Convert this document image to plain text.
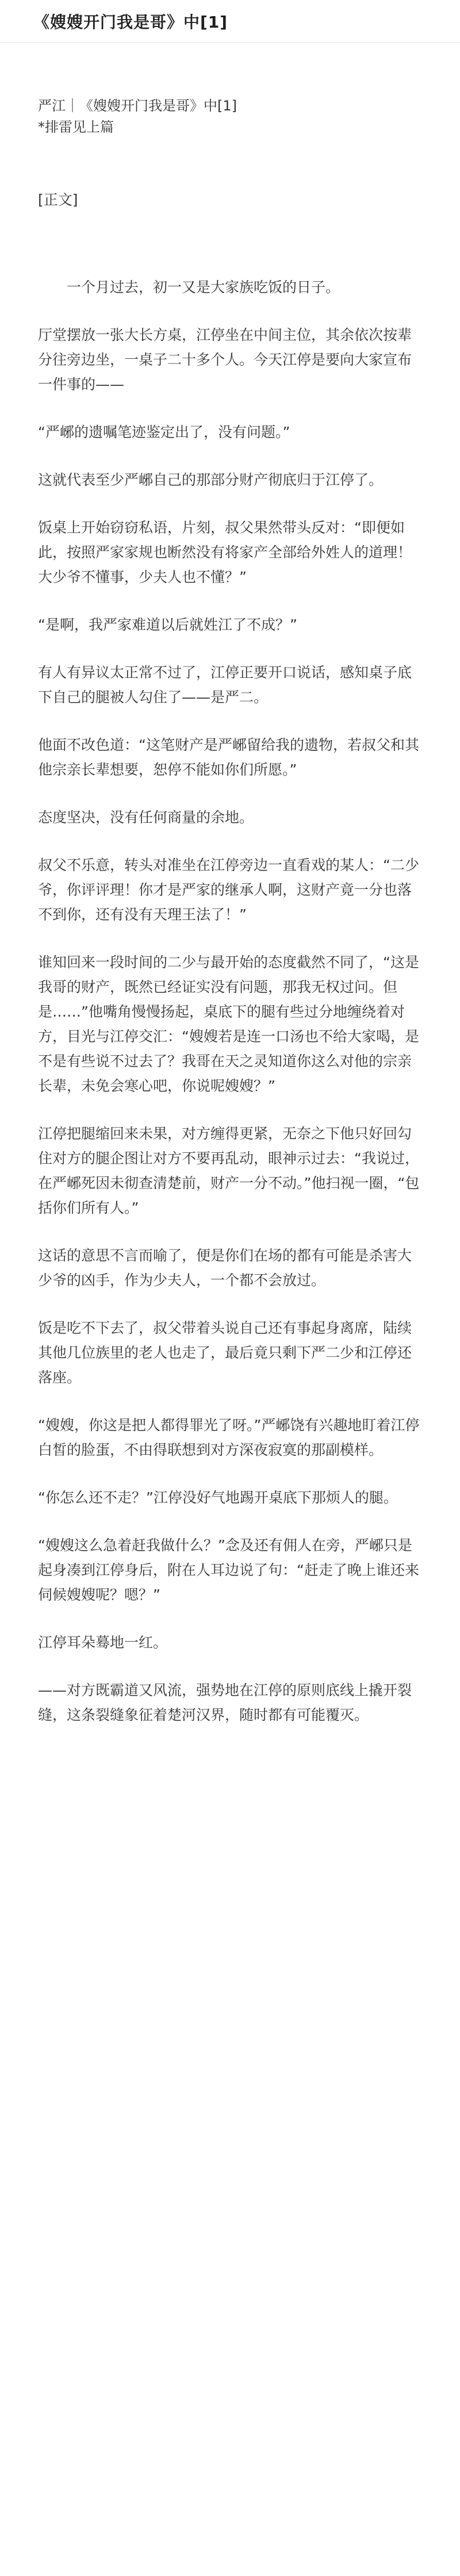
《嫂嫂开门我是哥》中[1]
严江｜《嫂嫂开门我是哥》中[1]
*排雷见上篇
[正文]

一个月过去，初一又是大家族吃饭的日子。

厅堂摆放一张大长方桌，江停坐在中间主位，其余依次按辈分往旁边坐，一桌子二十多个人。今天江停是要向大家宣布一件事的——

“严峫的遗嘱笔迹鉴定出了，没有问题。”

这就代表至少严峫自己的那部分财产彻底归于江停了。

饭桌上开始窃窃私语，片刻，叔父果然带头反对：“即便如此，按照严家家规也断然没有将家产全部给外姓人的道理！大少爷不懂事，少夫人也不懂？”

“是啊，我严家难道以后就姓江了不成？”

有人有异议太正常不过了，江停正要开口说话，感知桌子底下自己的腿被人勾住了——是严二。

他面不改色道：“这笔财产是严峫留给我的遗物，若叔父和其他宗亲长辈想要，恕停不能如你们所愿。”

态度坚决，没有任何商量的余地。

叔父不乐意，转头对准坐在江停旁边一直看戏的某人：“二少爷，你评评理！你才是严家的继承人啊，这财产竟一分也落不到你，还有没有天理王法了！”

谁知回来一段时间的二少与最开始的态度截然不同了，“这是我哥的财产，既然已经证实没有问题，那我无权过问。但是……”他嘴角慢慢扬起，桌底下的腿有些过分地缠绕着对方，目光与江停交汇：“嫂嫂若是连一口汤也不给大家喝，是不是有些说不过去了？我哥在天之灵知道你这么对他的宗亲长辈，未免会寒心吧，你说呢嫂嫂？”

江停把腿缩回来未果，对方缠得更紧，无奈之下他只好回勾住对方的腿企图让对方不要再乱动，眼神示过去：“我说过，在严峫死因未彻查清楚前，财产一分不动。”他扫视一圈，“包括你们所有人。”

这话的意思不言而喻了，便是你们在场的都有可能是杀害大少爷的凶手，作为少夫人，一个都不会放过。

饭是吃不下去了，叔父带着头说自己还有事起身离席，陆续其他几位族里的老人也走了，最后竟只剩下严二少和江停还落座。

“嫂嫂，你这是把人都得罪光了呀。”严峫饶有兴趣地盯着江停白皙的脸蛋，不由得联想到对方深夜寂寞的那副模样。

“你怎么还不走？”江停没好气地踢开桌底下那烦人的腿。

“嫂嫂这么急着赶我做什么？”念及还有佣人在旁，严峫只是起身凑到江停身后，附在人耳边说了句：“赶走了晚上谁还来伺候嫂嫂呢？嗯？”

江停耳朵蓦地一红。

——对方既霸道又风流，强势地在江停的原则底线上撬开裂缝，这条裂缝象征着楚河汉界，随时都有可能覆灭。
